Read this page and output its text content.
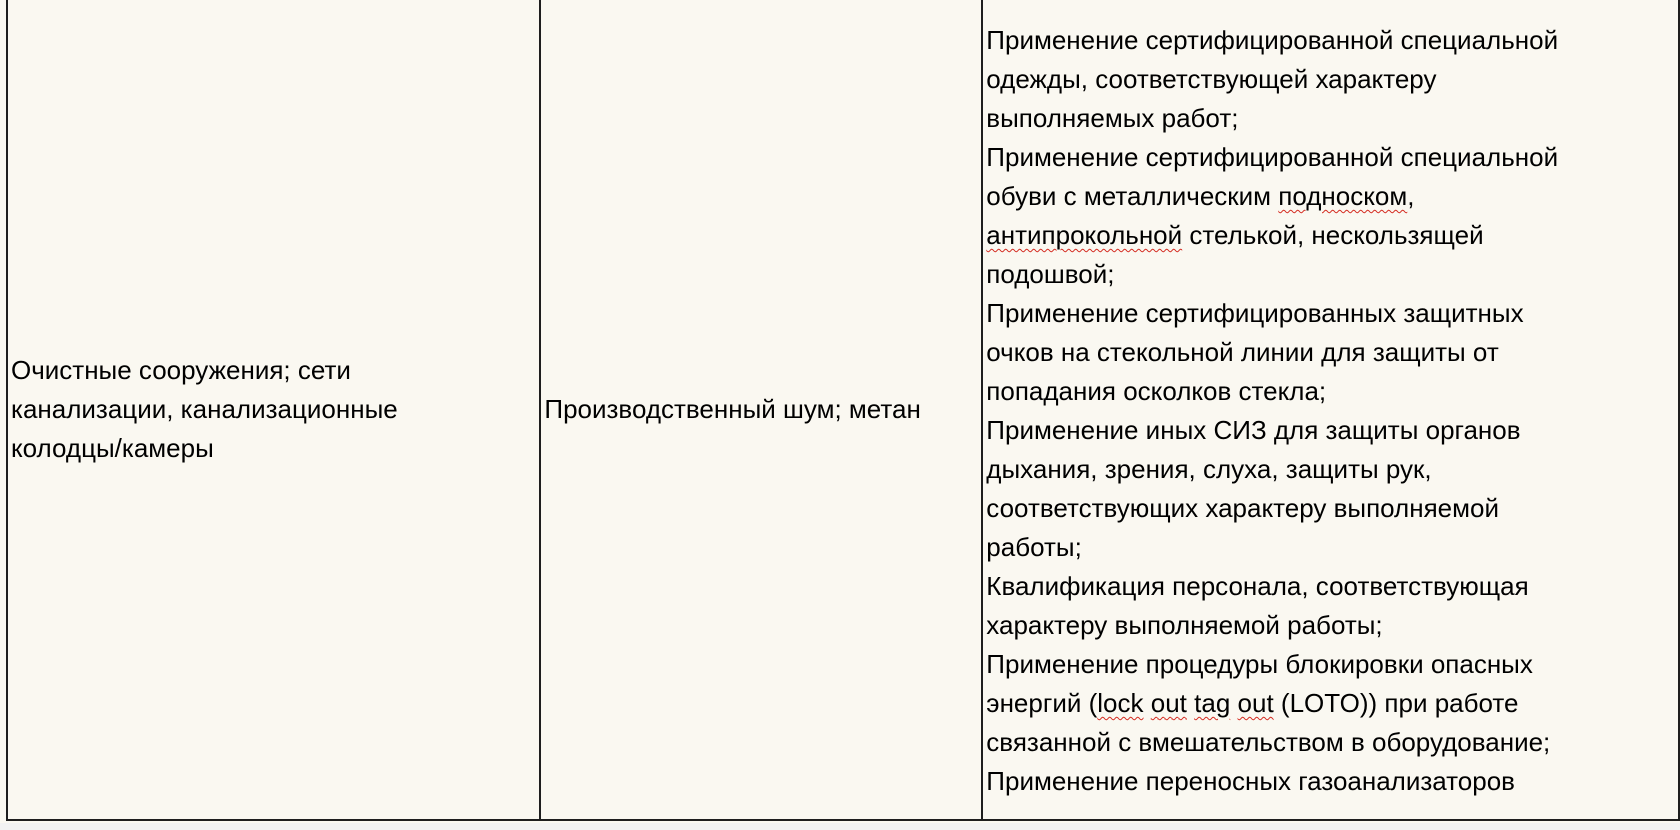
Очистные сооружения; сети
канализации, канализационные
колодцы/камеры

Производственный шум; метан

Применение сертифицированной специальной
одежды, соответствующей характеру
выполняемых работ;
Применение сертифицированной специальной
обуви с металлическим подноском,
антипрокольной стелькой, нескользящей
подошвой;
Применение сертифицированных защитных
очков на стекольной линии для защиты от
попадания осколков стекла;
Применение иных СИЗ для защиты органов
дыхания, зрения, слуха, защиты рук,
соответствующих характеру выполняемой
работы;
Квалификация персонала, соответствующая
характеру выполняемой работы;
Применение процедуры блокировки опасных
энергий (lock out tag out (LOTO)) при работе
связанной с вмешательством в оборудование;
Применение переносных газоанализаторов
